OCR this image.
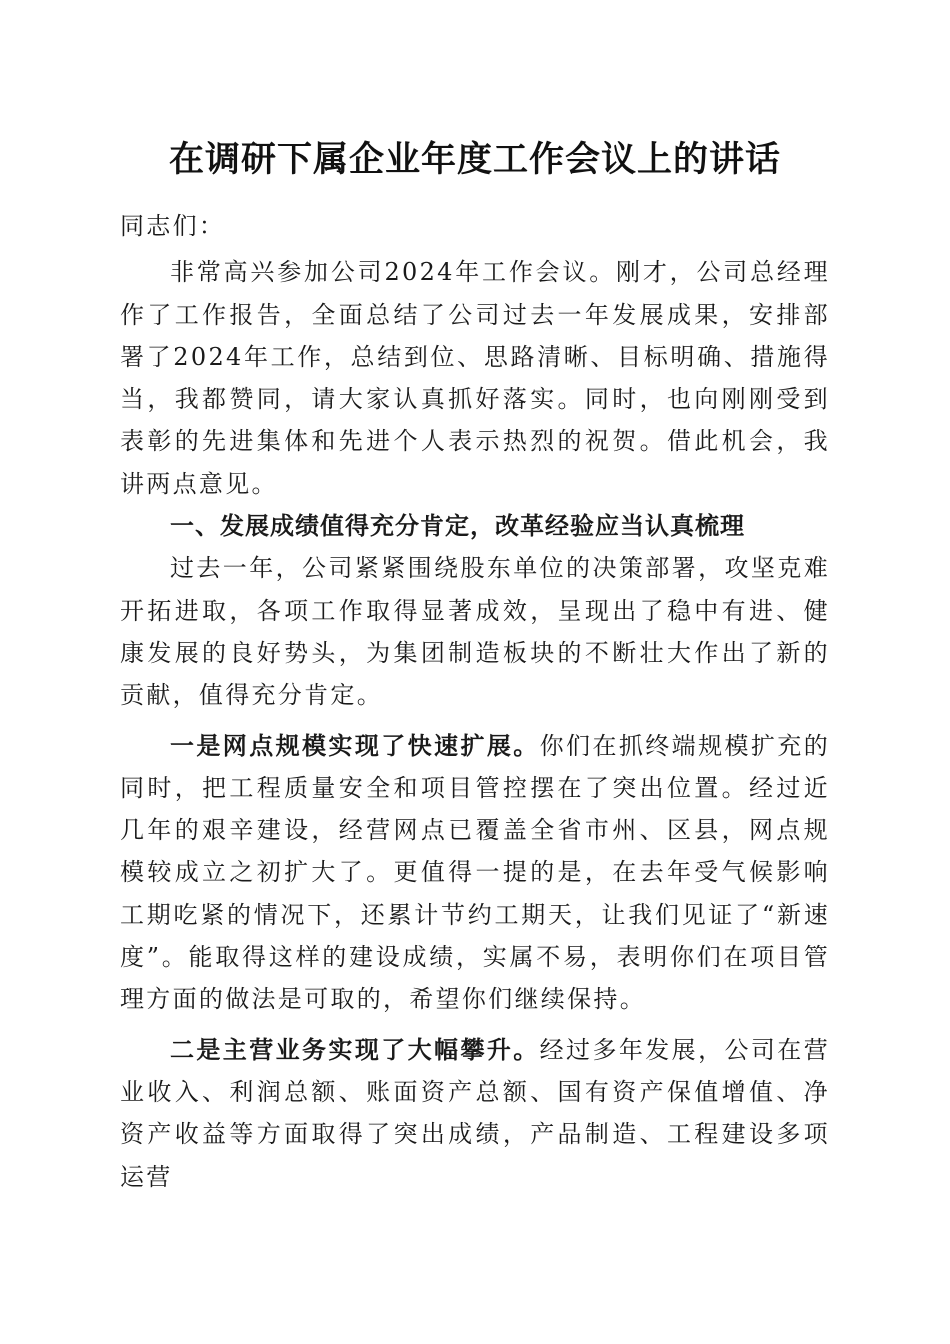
在调研下属企业年度工作会议上的讲话

同志们：

非常高兴参加公司2024年工作会议。刚才，公司总经理作了工作报告，全面总结了公司过去一年发展成果，安排部署了2024年工作，总结到位、思路清晰、目标明确、措施得当，我都赞同，请大家认真抓好落实。同时，也向刚刚受到表彰的先进集体和先进个人表示热烈的祝贺。借此机会，我讲两点意见。

一、发展成绩值得充分肯定，改革经验应当认真梳理

过去一年，公司紧紧围绕股东单位的决策部署，攻坚克难开拓进取，各项工作取得显著成效，呈现出了稳中有进、健康发展的良好势头，为集团制造板块的不断壮大作出了新的贡献，值得充分肯定。

一是网点规模实现了快速扩展。你们在抓终端规模扩充的同时，把工程质量安全和项目管控摆在了突出位置。经过近几年的艰辛建设，经营网点已覆盖全省市州、区县，网点规模较成立之初扩大了。更值得一提的是，在去年受气候影响工期吃紧的情况下，还累计节约工期天，让我们见证了“新速度”。能取得这样的建设成绩，实属不易，表明你们在项目管理方面的做法是可取的，希望你们继续保持。

二是主营业务实现了大幅攀升。经过多年发展，公司在营业收入、利润总额、账面资产总额、国有资产保值增值、净资产收益等方面取得了突出成绩，产品制造、工程建设多项运营
